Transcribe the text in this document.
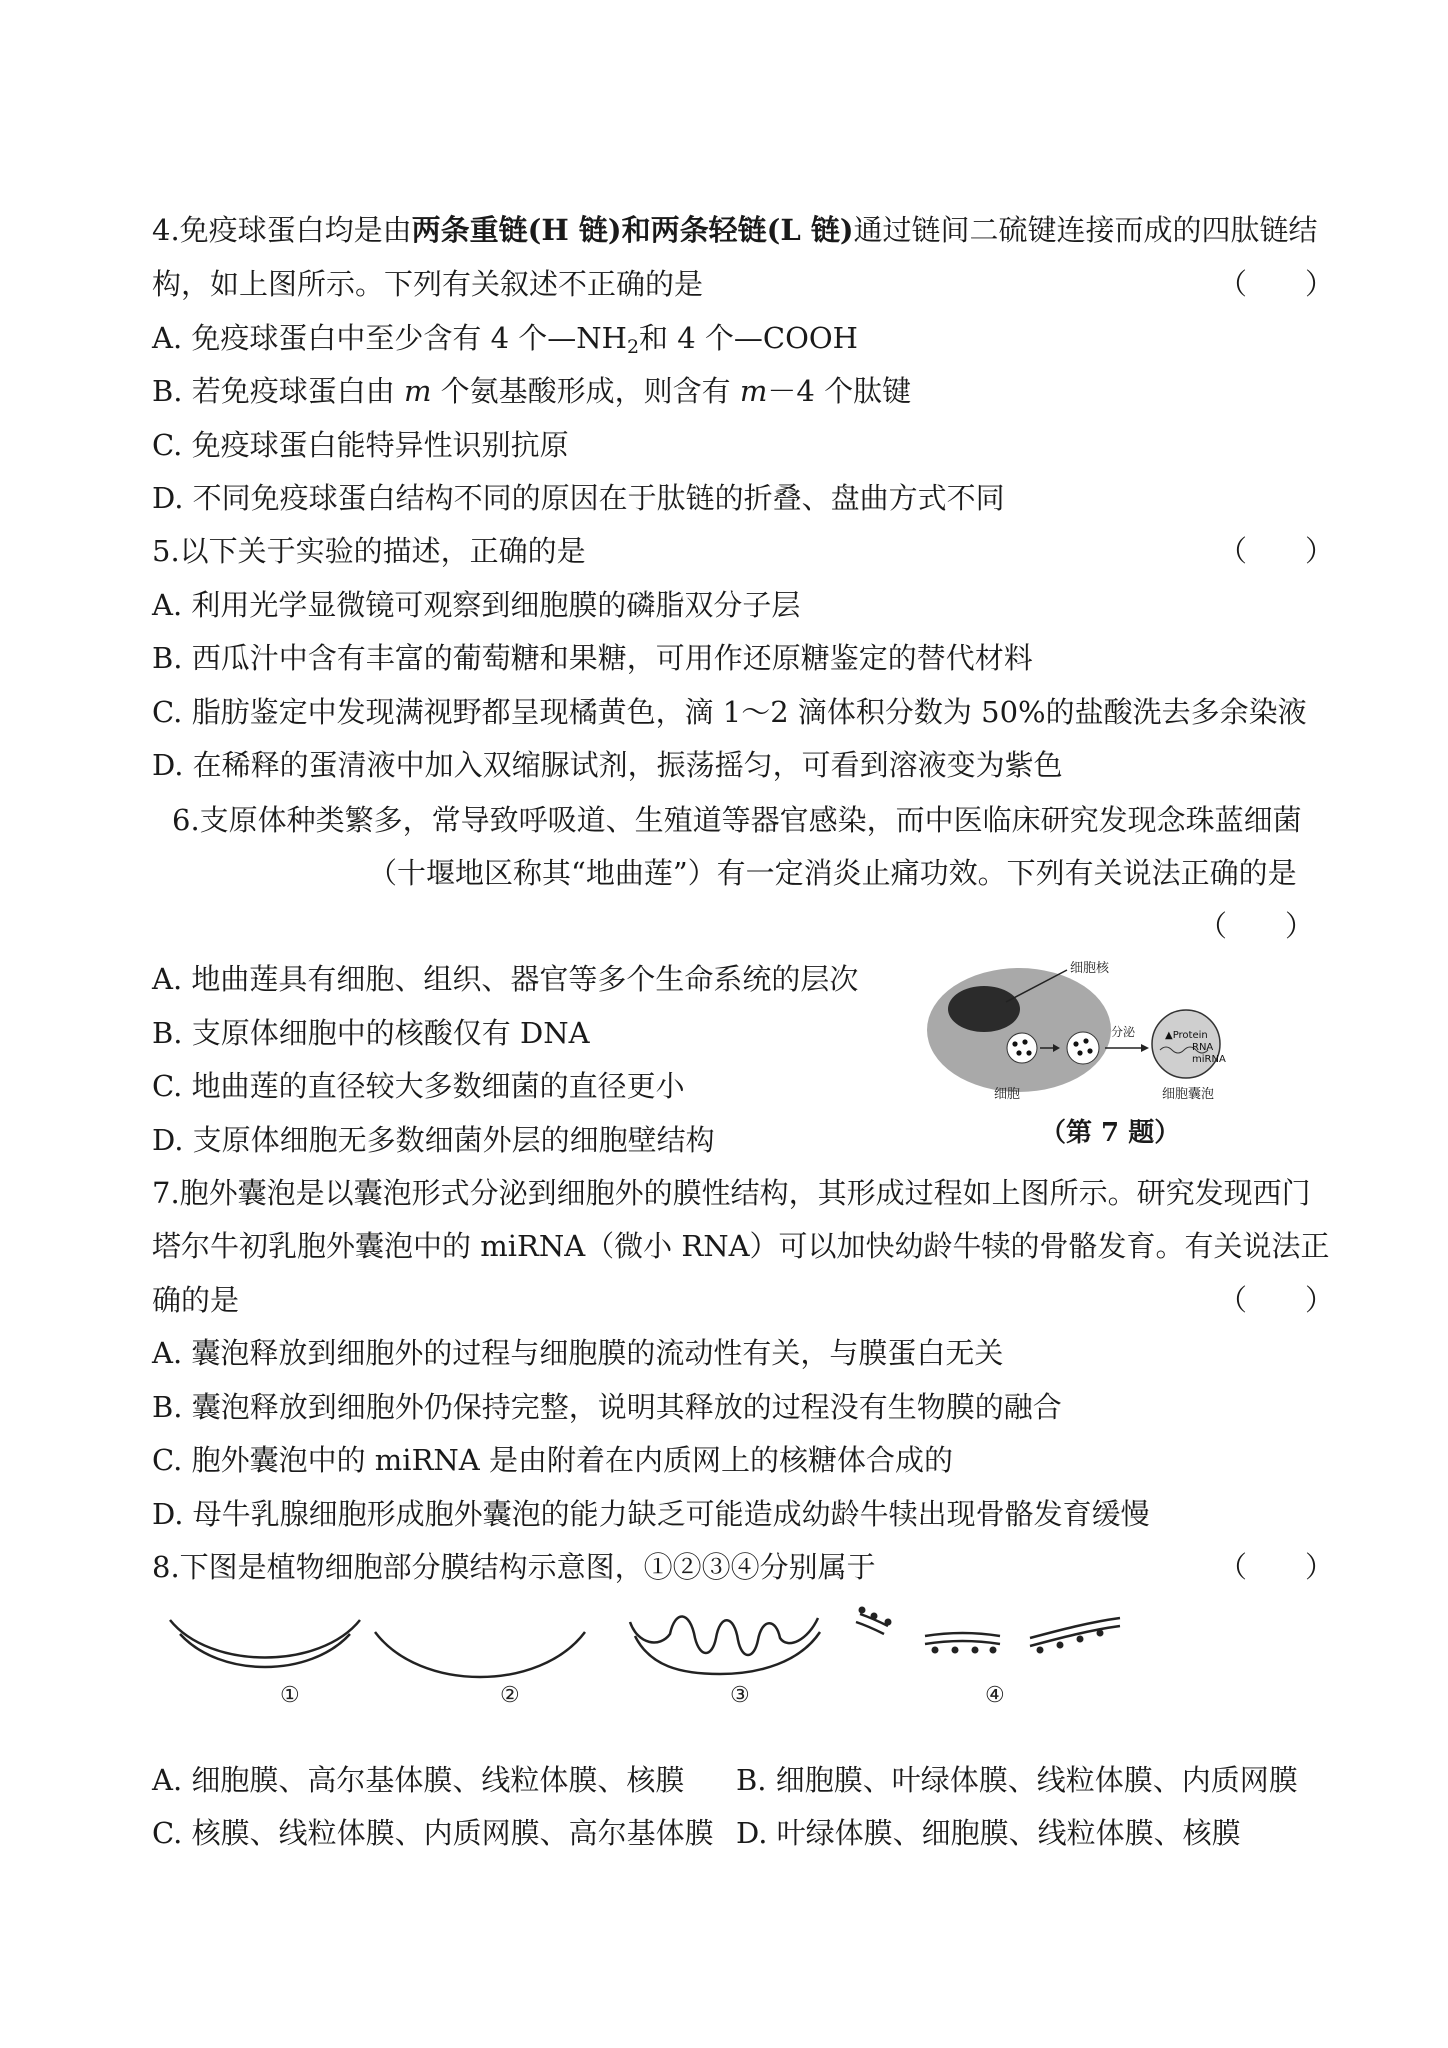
4.免疫球蛋白均是由两条重链(H 链)和两条轻链(L 链)通过链间二硫键连接而成的四肽链结
构，如上图所示。下列有关叙述不正确的是	（　　）
A. 免疫球蛋白中至少含有 4 个$—NH_2$和 4 个—COOH
B. 若免疫球蛋白由 m 个氨基酸形成，则含有 m－4 个肽键
C. 免疫球蛋白能特异性识别抗原
D. 不同免疫球蛋白结构不同的原因在于肽链的折叠、盘曲方式不同
5.以下关于实验的描述，正确的是	（　　）
A. 利用光学显微镜可观察到细胞膜的磷脂双分子层
B. 西瓜汁中含有丰富的葡萄糖和果糖，可用作还原糖鉴定的替代材料
C. 脂肪鉴定中发现满视野都呈现橘黄色，滴 1～2 滴体积分数为 50%的盐酸洗去多余染液
D. 在稀释的蛋清液中加入双缩脲试剂，振荡摇匀，可看到溶液变为紫色
6.支原体种类繁多，常导致呼吸道、生殖道等器官感染，而中医临床研究发现念珠蓝细菌
（十堰地区称其“地曲莲”）有一定消炎止痛功效。下列有关说法正确的是
（　　）
A. 地曲莲具有细胞、组织、器官等多个生命系统的层次
B. 支原体细胞中的核酸仅有 DNA
C. 地曲莲的直径较大多数细菌的直径更小
D. 支原体细胞无多数细菌外层的细胞壁结构
细胞核
分泌	▲Protein
RNA
miRNA
细胞	细胞囊泡
（第 7 题）
7.胞外囊泡是以囊泡形式分泌到细胞外的膜性结构，其形成过程如上图所示。研究发现西门
塔尔牛初乳胞外囊泡中的 miRNA（微小 RNA）可以加快幼龄牛犊的骨骼发育。有关说法正
确的是	（　　）
A. 囊泡释放到细胞外的过程与细胞膜的流动性有关，与膜蛋白无关
B. 囊泡释放到细胞外仍保持完整，说明其释放的过程没有生物膜的融合
C. 胞外囊泡中的 miRNA 是由附着在内质网上的核糖体合成的
D. 母牛乳腺细胞形成胞外囊泡的能力缺乏可能造成幼龄牛犊出现骨骼发育缓慢
8.下图是植物细胞部分膜结构示意图，①②③④分别属于	（　　）
①	②	③	④
A. 细胞膜、高尔基体膜、线粒体膜、核膜 B. 细胞膜、叶绿体膜、线粒体膜、内质网膜
C. 核膜、线粒体膜、内质网膜、高尔基体膜 D. 叶绿体膜、细胞膜、线粒体膜、核膜
